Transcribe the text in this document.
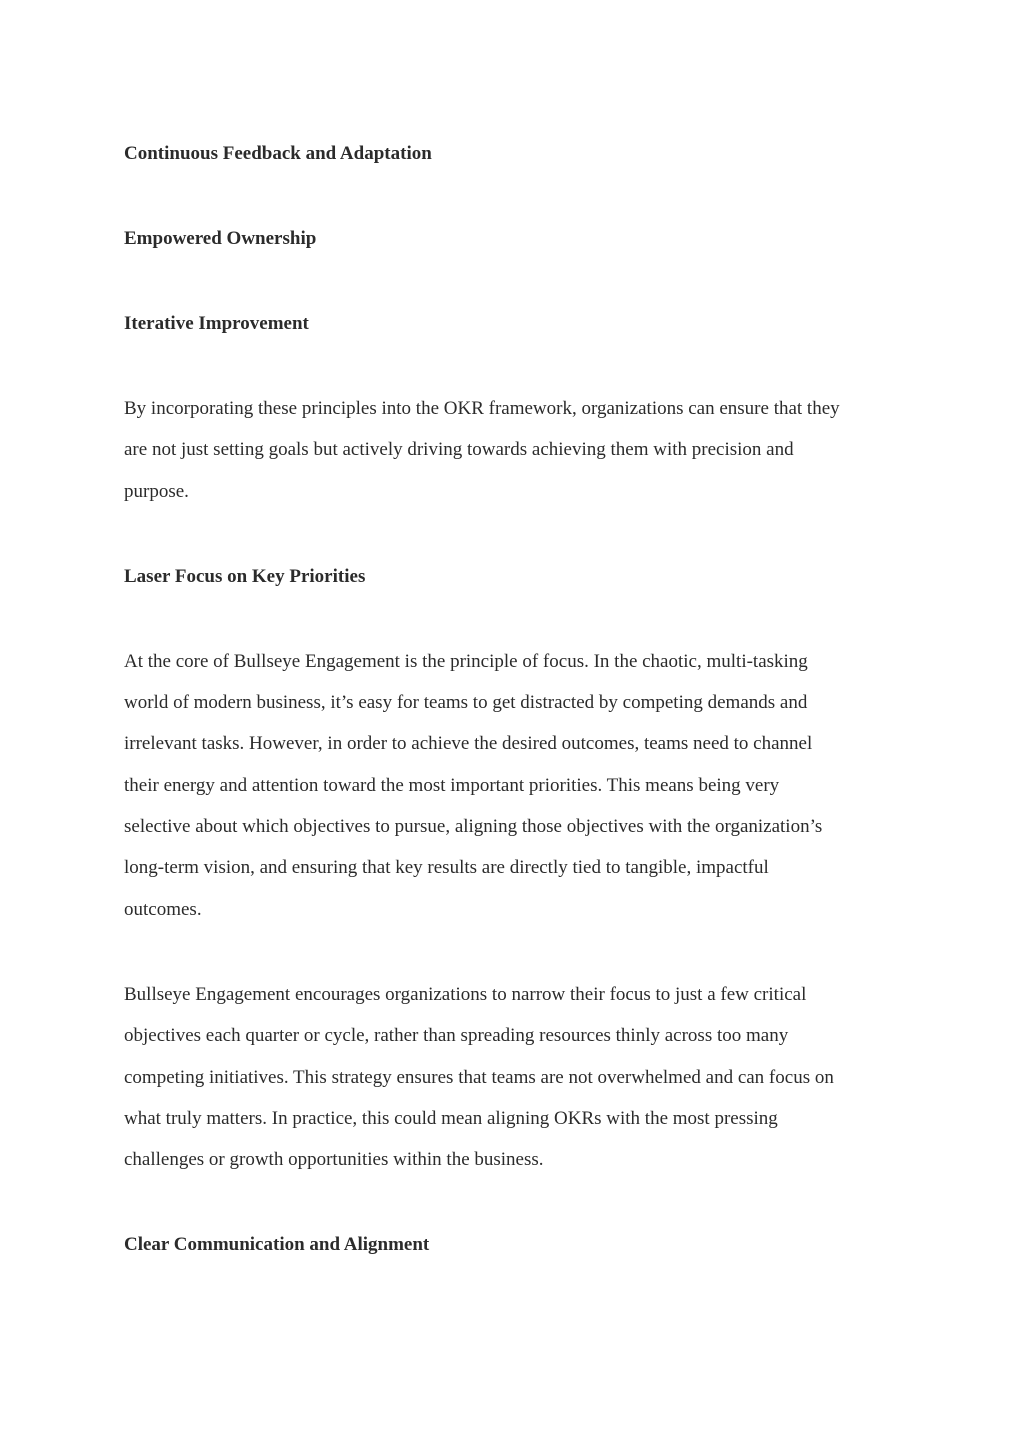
Continuous Feedback and Adaptation

Empowered Ownership

Iterative Improvement

By incorporating these principles into the OKR framework, organizations can ensure that they
are not just setting goals but actively driving towards achieving them with precision and
purpose.

Laser Focus on Key Priorities

At the core of Bullseye Engagement is the principle of focus. In the chaotic, multi-tasking
world of modern business, it’s easy for teams to get distracted by competing demands and
irrelevant tasks. However, in order to achieve the desired outcomes, teams need to channel
their energy and attention toward the most important priorities. This means being very
selective about which objectives to pursue, aligning those objectives with the organization’s
long-term vision, and ensuring that key results are directly tied to tangible, impactful
outcomes.

Bullseye Engagement encourages organizations to narrow their focus to just a few critical
objectives each quarter or cycle, rather than spreading resources thinly across too many
competing initiatives. This strategy ensures that teams are not overwhelmed and can focus on
what truly matters. In practice, this could mean aligning OKRs with the most pressing
challenges or growth opportunities within the business.

Clear Communication and Alignment
